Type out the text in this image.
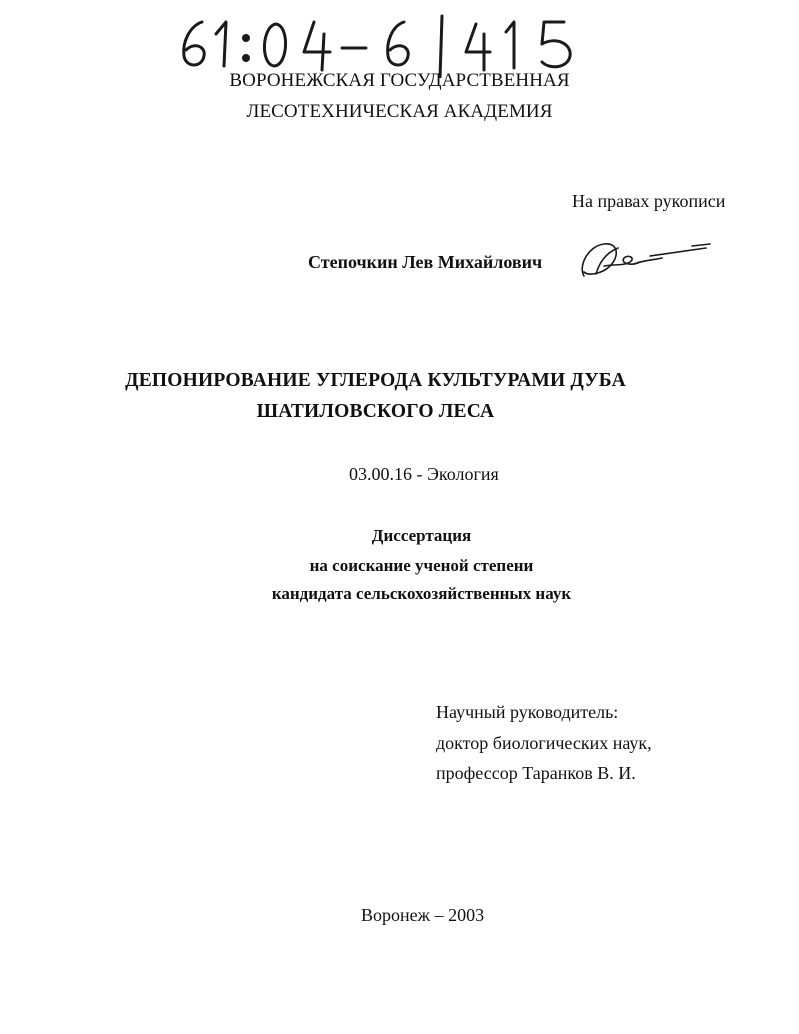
ВОРОНЕЖСКАЯ ГОСУДАРСТВЕННАЯ
ЛЕСОТЕХНИЧЕСКАЯ АКАДЕМИЯ
На правах рукописи
Степочкин Лев Михайлович
ДЕПОНИРОВАНИЕ УГЛЕРОДА КУЛЬТУРАМИ ДУБА
ШАТИЛОВСКОГО ЛЕСА
03.00.16 - Экология
Диссертация
на соискание ученой степени
кандидата сельскохозяйственных наук
Научный руководитель:
доктор биологических наук,
профессор Таранков В. И.
Воронеж – 2003
